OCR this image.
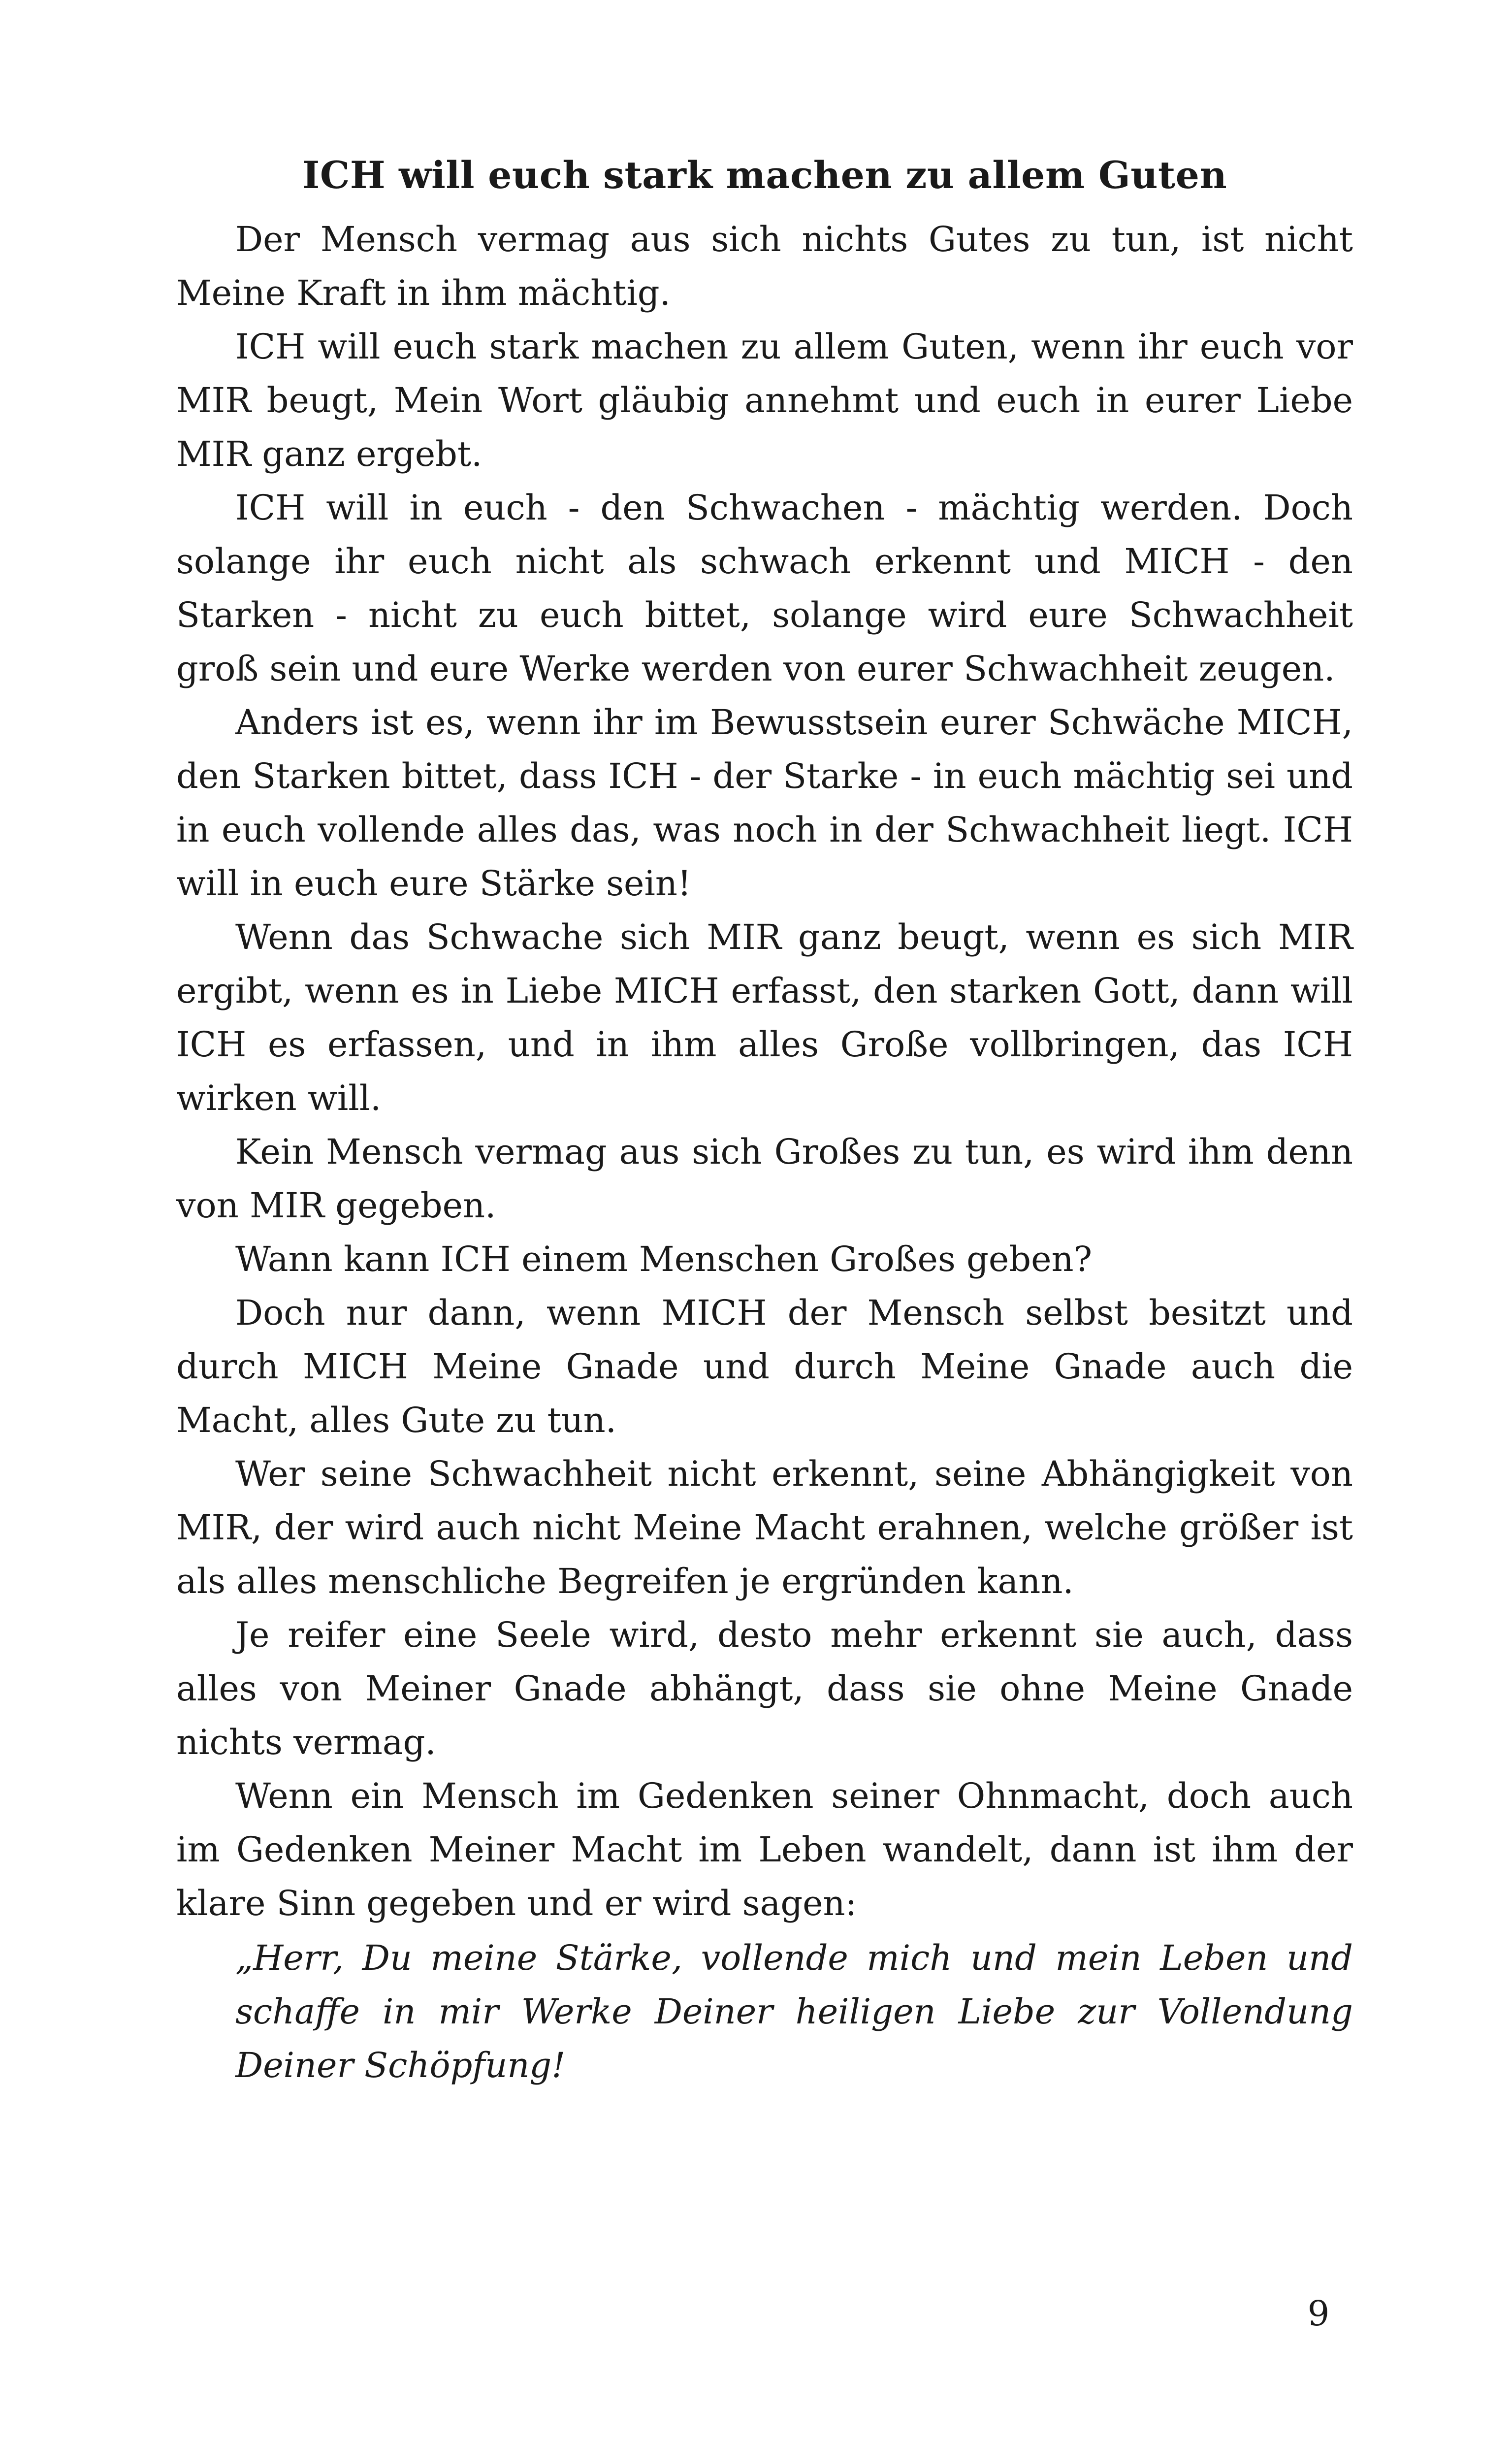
ICH will euch stark machen zu allem Guten

Der Mensch vermag aus sich nichts Gutes zu tun, ist nicht Meine Kraft in ihm mächtig.

ICH will euch stark machen zu allem Guten, wenn ihr euch vor MIR beugt, Mein Wort gläubig annehmt und euch in eurer Liebe MIR ganz ergebt.

ICH will in euch - den Schwachen - mächtig werden. Doch solange ihr euch nicht als schwach erkennt und MICH - den Starken - nicht zu euch bittet, solange wird eure Schwachheit groß sein und eure Werke werden von eurer Schwachheit zeugen.

Anders ist es, wenn ihr im Bewusstsein eurer Schwäche MICH, den Starken bittet, dass ICH - der Starke - in euch mächtig sei und in euch vollende alles das, was noch in der Schwachheit liegt. ICH will in euch eure Stärke sein!

Wenn das Schwache sich MIR ganz beugt, wenn es sich MIR ergibt, wenn es in Liebe MICH erfasst, den starken Gott, dann will ICH es erfassen, und in ihm alles Große vollbringen, das ICH wirken will.

Kein Mensch vermag aus sich Großes zu tun, es wird ihm denn von MIR gegeben.

Wann kann ICH einem Menschen Großes geben?

Doch nur dann, wenn MICH der Mensch selbst besitzt und durch MICH Meine Gnade und durch Meine Gnade auch die Macht, alles Gute zu tun.

Wer seine Schwachheit nicht erkennt, seine Abhängigkeit von MIR, der wird auch nicht Meine Macht erahnen, welche größer ist als alles menschliche Begreifen je ergründen kann.

Je reifer eine Seele wird, desto mehr erkennt sie auch, dass alles von Meiner Gnade abhängt, dass sie ohne Meine Gnade nichts vermag.

Wenn ein Mensch im Gedenken seiner Ohnmacht, doch auch im Gedenken Meiner Macht im Leben wandelt, dann ist ihm der klare Sinn gegeben und er wird sagen:

„Herr, Du meine Stärke, vollende mich und mein Leben und schaffe in mir Werke Deiner heiligen Liebe zur Vollendung Deiner Schöpfung!

9
